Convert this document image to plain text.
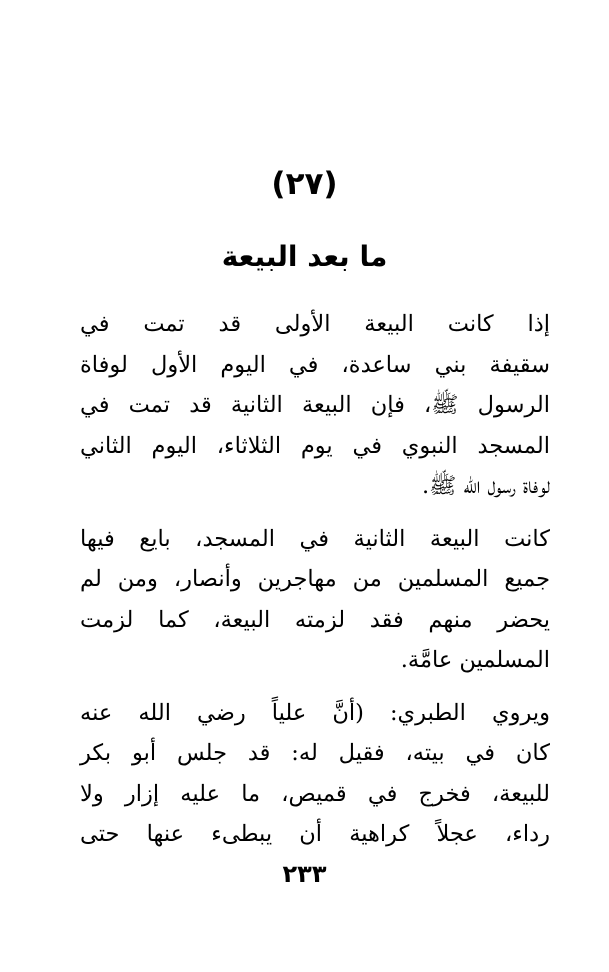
(٢٧)
ما بعد البيعة

إذا كانت البيعة الأولى قد تمت في
سقيفة بني ساعدة، في اليوم الأول لوفاة
الرسول ﷺ، فإن البيعة الثانية قد تمت في
المسجد النبوي في يوم الثلاثاء، اليوم الثاني
لوفاة رسول الله ﷺ.

كانت البيعة الثانية في المسجد، بايع فيها
جميع المسلمين من مهاجرين وأنصار، ومن لم
يحضر منهم فقد لزمته البيعة، كما لزمت
المسلمين عامَّة.

ويروي الطبري: (أنَّ علياً رضي الله عنه
كان في بيته، فقيل له: قد جلس أبو بكر
للبيعة، فخرج في قميص، ما عليه إزار ولا
رداء، عجلاً كراهية أن يبطىء عنها حتى

٢٣٣
